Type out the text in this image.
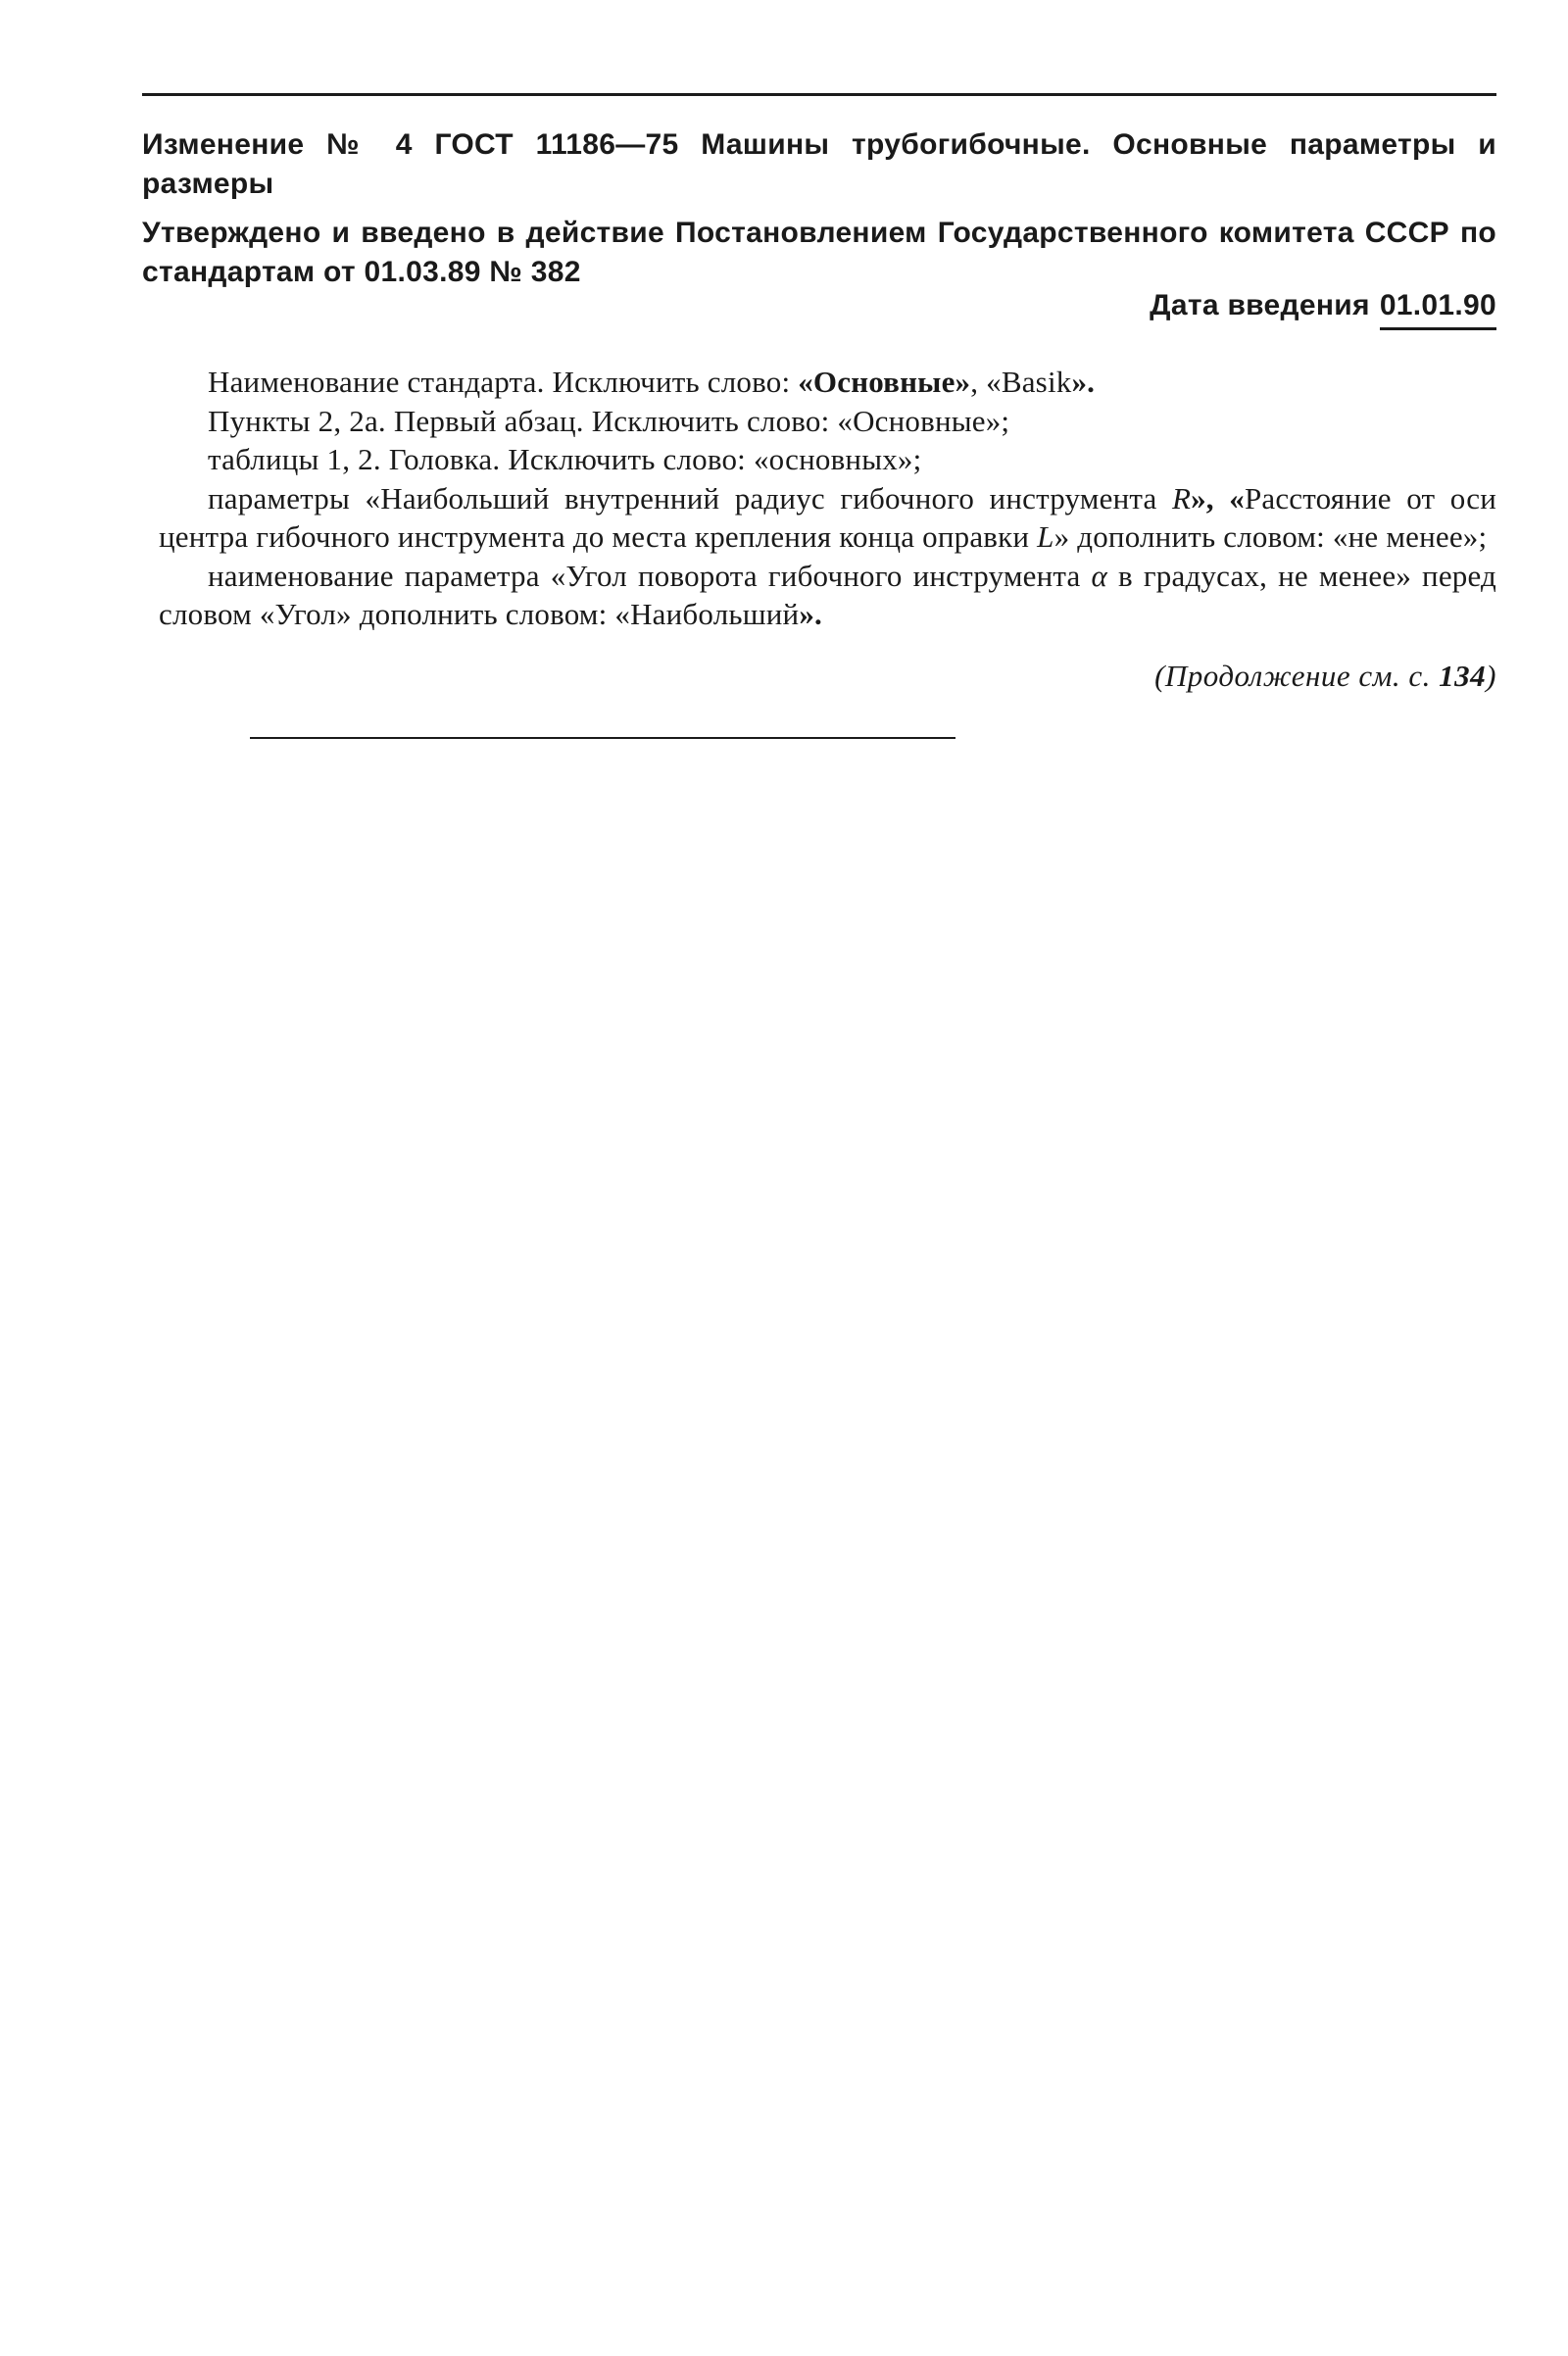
Изменение № 4 ГОСТ 11186—75 Машины трубогибочные. Основные параметры и размеры

Утверждено и введено в действие Постановлением Государственного комитета СССР по стандартам от 01.03.89 № 382
Дата введения 01.01.90

Наименование стандарта. Исключить слово: «Основные», «Basik».

Пункты 2, 2а. Первый абзац. Исключить слово: «Основные»;

таблицы 1, 2. Головка. Исключить слово: «основных»;

параметры «Наибольший внутренний радиус гибочного инструмента R», «Расстояние от оси центра гибочного инструмента до места крепления конца оправки L» дополнить словом: «не менее»;

наименование параметра «Угол поворота гибочного инструмента α в градусах, не менее» перед словом «Угол» дополнить словом: «Наибольший».

(Продолжение см. с. 134)
